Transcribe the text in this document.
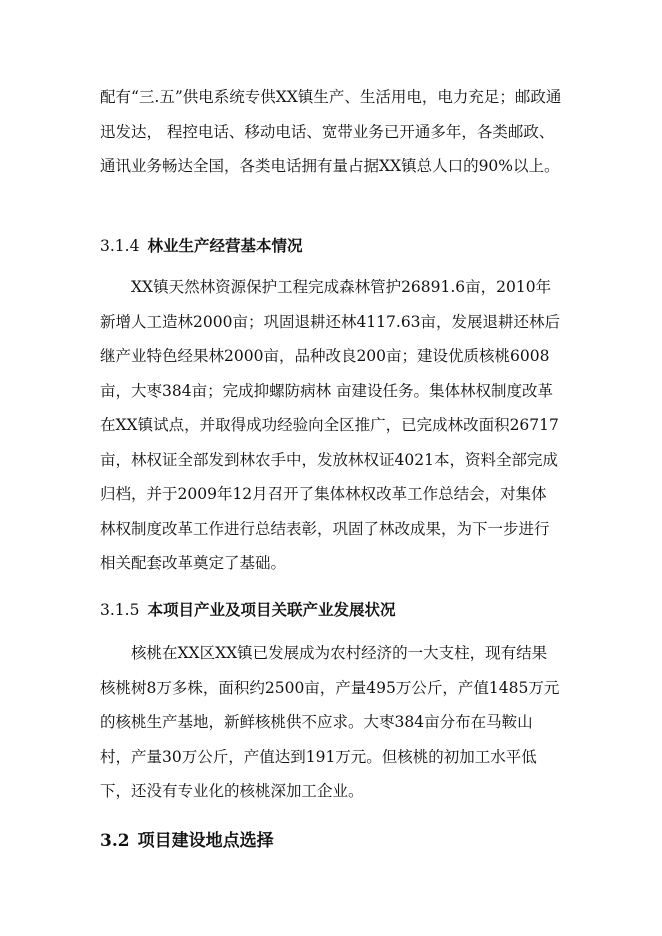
配有“三.五”供电系统专供XX镇生产、生活用电，电力充足；邮政通迅发达， 程控电话、移动电话、宽带业务已开通多年，各类邮政、通讯业务畅达全国，各类电话拥有量占据XX镇总人口的90%以上。

3.1.4 林业生产经营基本情况

XX镇天然林资源保护工程完成森林管护26891.6亩，2010年新增人工造林2000亩；巩固退耕还林4117.63亩，发展退耕还林后继产业特色经果林2000亩，品种改良200亩；建设优质核桃6008亩，大枣384亩；完成抑螺防病林 亩建设任务。集体林权制度改革在XX镇试点，并取得成功经验向全区推广，已完成林改面积26717亩，林权证全部发到林农手中，发放林权证4021本，资料全部完成归档，并于2009年12月召开了集体林权改革工作总结会，对集体林权制度改革工作进行总结表彰，巩固了林改成果，为下一步进行相关配套改革奠定了基础。

3.1.5 本项目产业及项目关联产业发展状况

核桃在XX区XX镇已发展成为农村经济的一大支柱，现有结果核桃树8万多株，面积约2500亩，产量495万公斤，产值1485万元的核桃生产基地，新鲜核桃供不应求。大枣384亩分布在马鞍山村，产量30万公斤，产值达到191万元。但核桃的初加工水平低下，还没有专业化的核桃深加工企业。

3.2 项目建设地点选择
